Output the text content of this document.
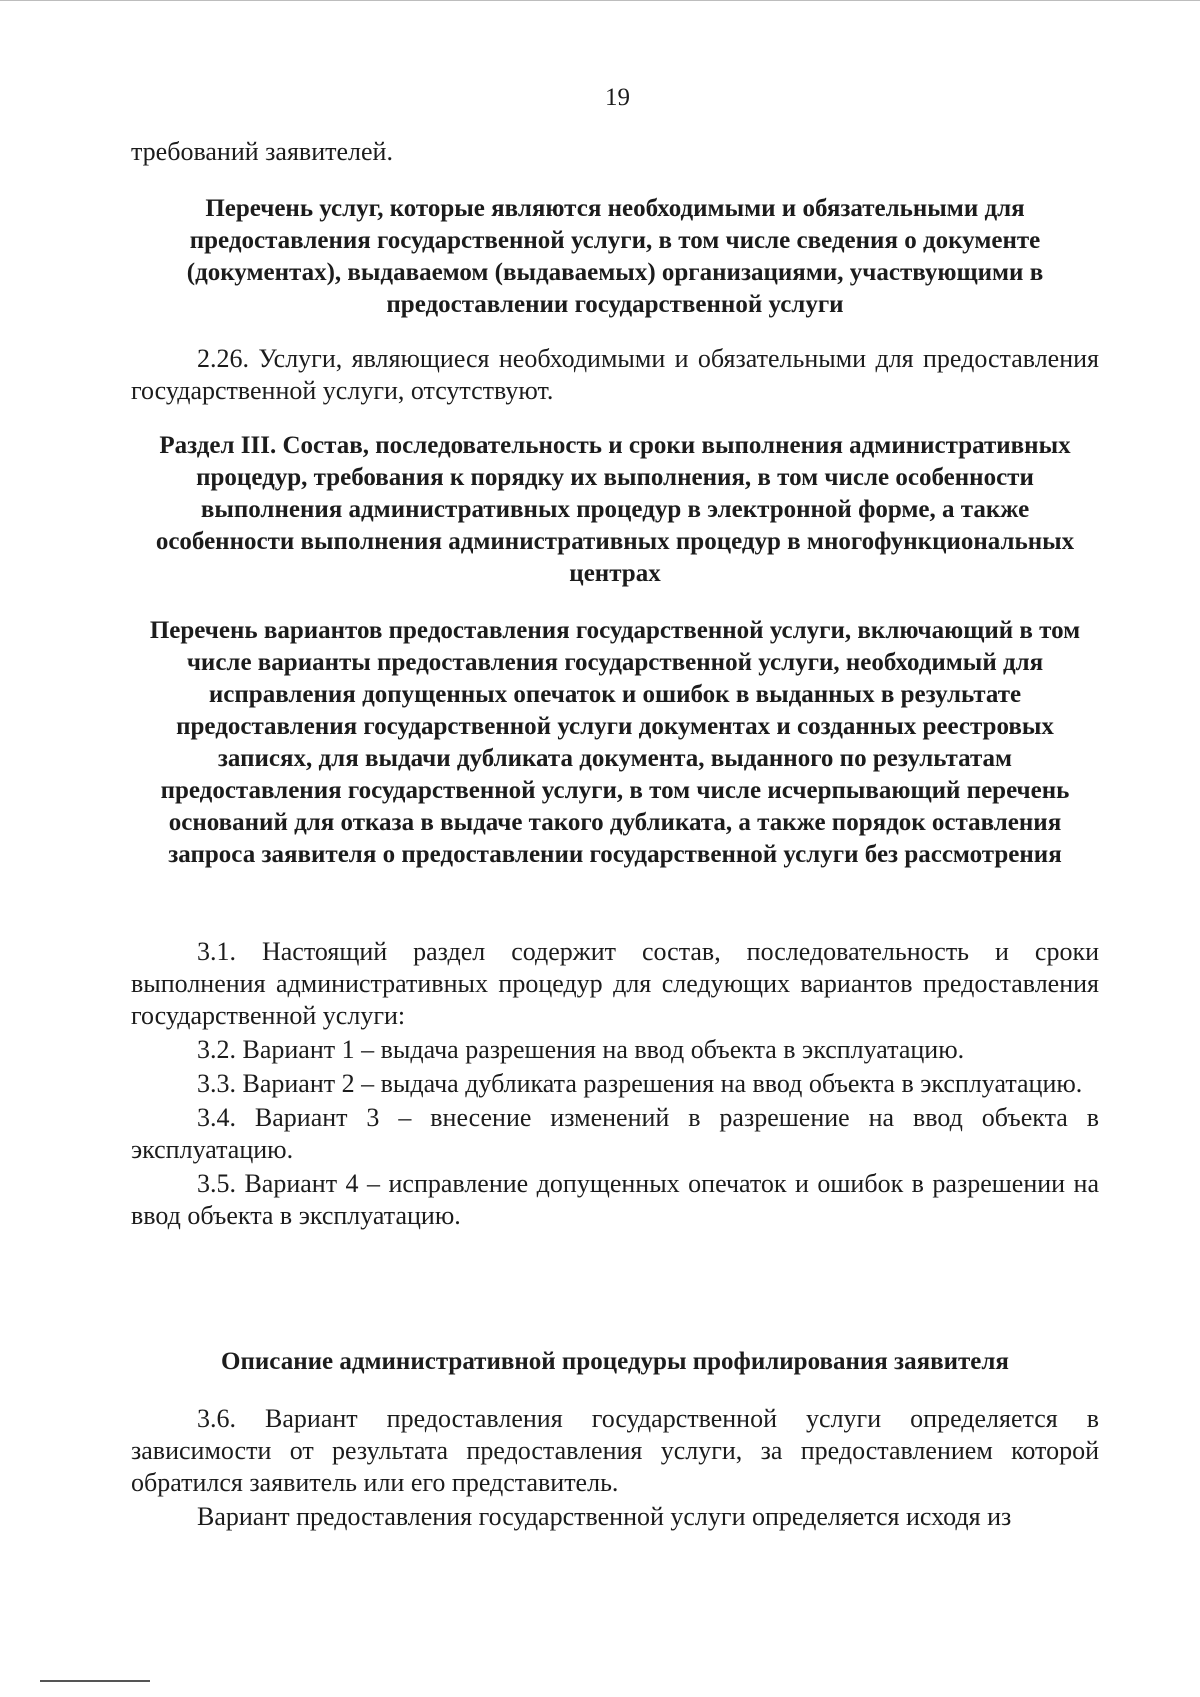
19

требований заявителей.

Перечень услуг, которые являются необходимыми и обязательными для предоставления государственной услуги, в том числе сведения о документе (документах), выдаваемом (выдаваемых) организациями, участвующими в предоставлении государственной услуги

2.26. Услуги, являющиеся необходимыми и обязательными для предоставления государственной услуги, отсутствуют.

Раздел III. Состав, последовательность и сроки выполнения административных процедур, требования к порядку их выполнения, в том числе особенности выполнения административных процедур в электронной форме, а также особенности выполнения административных процедур в многофункциональных центрах
Перечень вариантов предоставления государственной услуги, включающий в том числе варианты предоставления государственной услуги, необходимый для исправления допущенных опечаток и ошибок в выданных в результате предоставления государственной услуги документах и созданных реестровых записях, для выдачи дубликата документа, выданного по результатам предоставления государственной услуги, в том числе исчерпывающий перечень оснований для отказа в выдаче такого дубликата, а также порядок оставления запроса заявителя о предоставлении государственной услуги без рассмотрения

3.1. Настоящий раздел содержит состав, последовательность и сроки выполнения административных процедур для следующих вариантов предоставления государственной услуги:

3.2. Вариант 1 – выдача разрешения на ввод объекта в эксплуатацию.

3.3. Вариант 2 – выдача дубликата разрешения на ввод объекта в эксплуатацию.

3.4. Вариант 3 – внесение изменений в разрешение на ввод объекта в эксплуатацию.

3.5. Вариант 4 – исправление допущенных опечаток и ошибок в разрешении на ввод объекта в эксплуатацию.

Описание административной процедуры профилирования заявителя

3.6. Вариант предоставления государственной услуги определяется в зависимости от результата предоставления услуги, за предоставлением которой обратился заявитель или его представитель.

Вариант предоставления государственной услуги определяется исходя из
